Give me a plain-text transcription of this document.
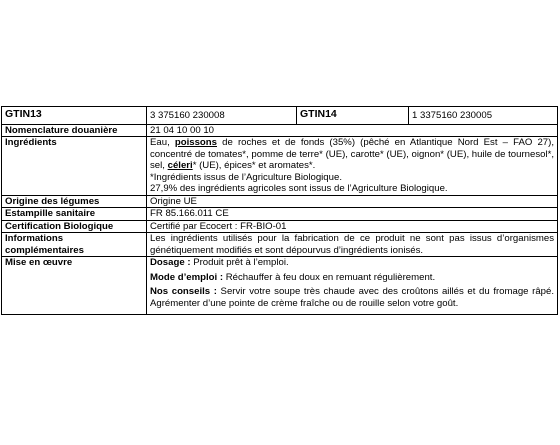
GTIN13	3 375160 230008	GTIN14	1 3375160 230005
Nomenclature douanière	21 04 10 00 10		
Ingrédients	Eau, poissons de roches et de fonds (35%) (pêché en Atlantique Nord Est – FAO 27), concentré de tomates*, pomme de terre* (UE), carotte* (UE), oignon* (UE), huile de tournesol*, sel, céleri* (UE), épices* et aromates*.
*Ingrédients issus de l’Agriculture Biologique.
27,9% des ingrédients agricoles sont issus de l’Agriculture Biologique.		

Origine des légumes	Origine UE		
Estampille sanitaire	FR 85.166.011 CE		
Certification Biologique	Certifié par Ecocert : FR-BIO-01		
Informations complémentaires	Les ingrédients utilisés pour la fabrication de ce produit ne sont pas issus d’organismes génétiquement modifiés et sont dépourvus d’ingrédients ionisés.		
Mise en œuvre	Dosage : Produit prêt à l’emploi.

Mode d’emploi : Réchauffer à feu doux en remuant régulièrement.

Nos conseils : Servir votre soupe très chaude avec des croûtons aillés et du fromage râpé. Agrémenter d’une pointe de crème fraîche ou de rouille selon votre goût.		
